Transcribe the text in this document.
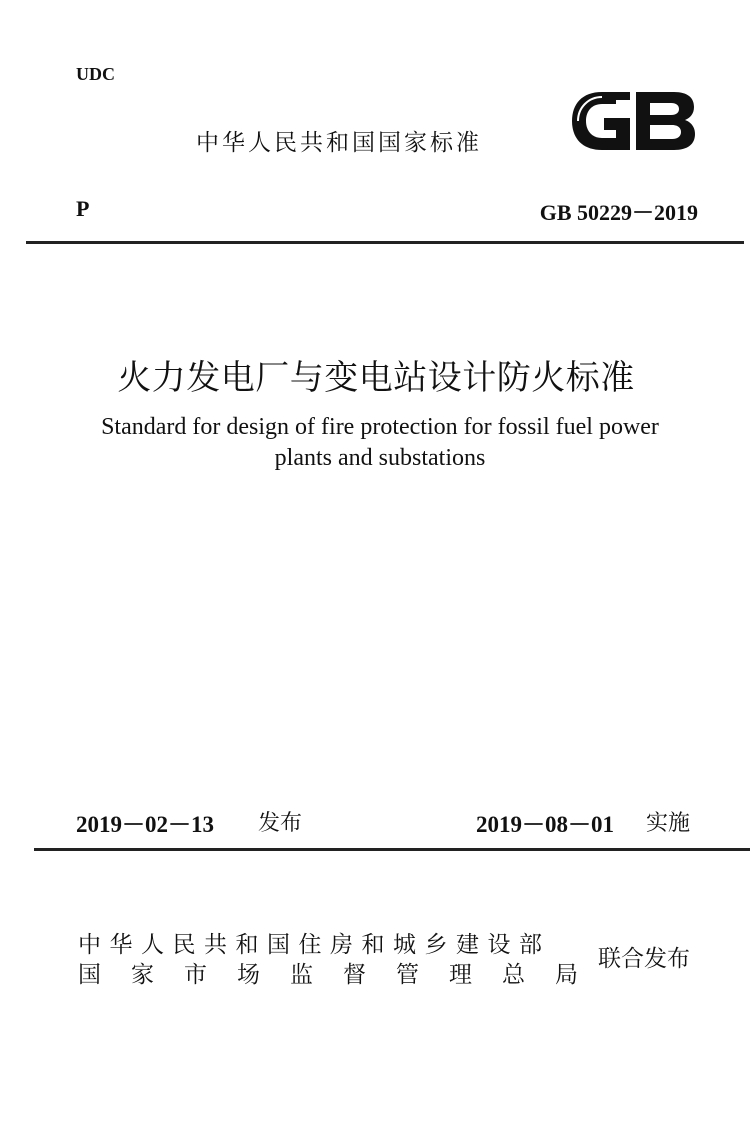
UDC
中华人民共和国国家标准
P	GB 50229－2019
火力发电厂与变电站设计防火标准
Standard for design of fire protection for fossil fuel power plants and substations
2019－02－13 发布	2019－08－01 实施
中华人民共和国住房和城乡建设部
国家市场监督管理总局
联合发布
